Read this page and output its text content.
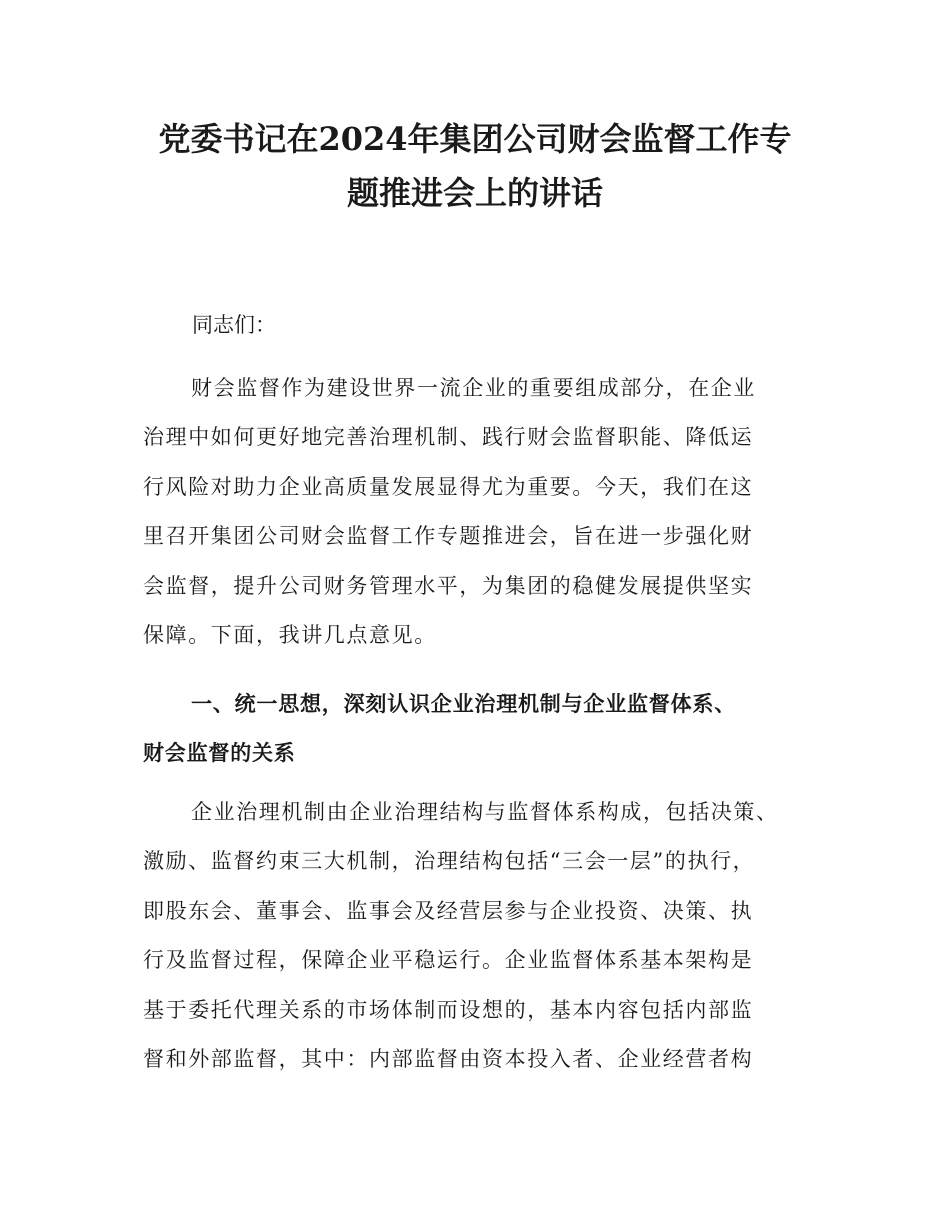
党委书记在2024年集团公司财会监督工作专
题推进会上的讲话

同志们：

财会监督作为建设世界一流企业的重要组成部分，在企业
治理中如何更好地完善治理机制、践行财会监督职能、降低运
行风险对助力企业高质量发展显得尤为重要。今天，我们在这
里召开集团公司财会监督工作专题推进会，旨在进一步强化财
会监督，提升公司财务管理水平，为集团的稳健发展提供坚实
保障。下面，我讲几点意见。
一、统一思想，深刻认识企业治理机制与企业监督体系、
财会监督的关系
企业治理机制由企业治理结构与监督体系构成，包括决策、
激励、监督约束三大机制，治理结构包括“三会一层”的执行，
即股东会、董事会、监事会及经营层参与企业投资、决策、执
行及监督过程，保障企业平稳运行。企业监督体系基本架构是
基于委托代理关系的市场体制而设想的，基本内容包括内部监
督和外部监督，其中：内部监督由资本投入者、企业经营者构
